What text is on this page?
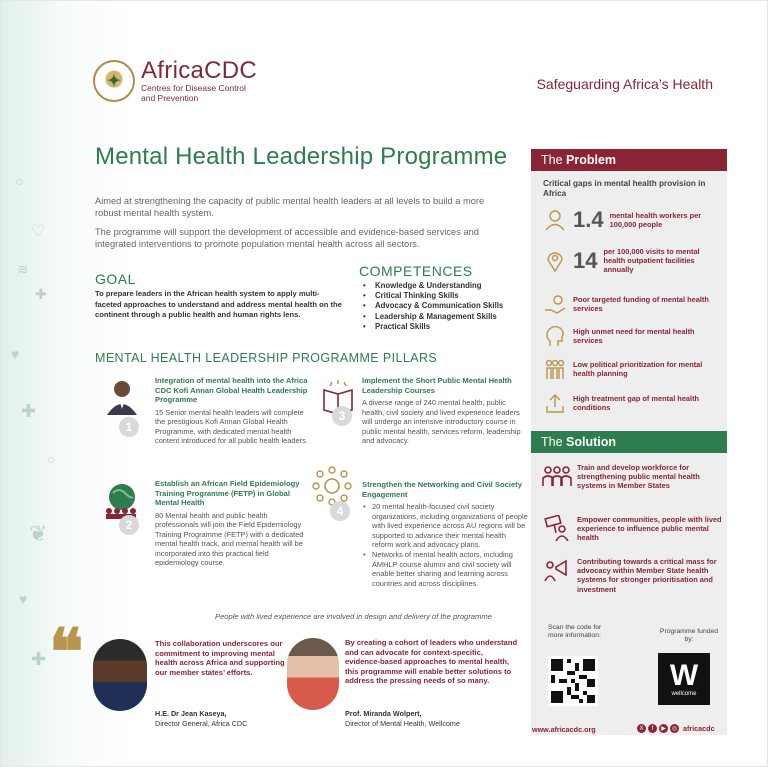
○
♡
≋
✚
♥
✚
○
❦
♥
✚
✦ AfricaCDC
Centres for Disease Control
and Prevention
Safeguarding Africa’s Health
Mental Health Leadership Programme

Aimed at strengthening the capacity of public mental health leaders at all levels to build a more robust mental health system.

The programme will support the development of accessible and evidence-based services and integrated interventions to promote population mental health across all sectors.

GOAL
To prepare leaders in the African health system to apply multi-faceted approaches to understand and address mental health on the continent through a public health and human rights lens.
COMPETENCES
• Knowledge & Understanding
• Critical Thinking Skills
• Advocacy & Communication Skills
• Leadership & Management Skills
• Practical Skills
MENTAL HEALTH LEADERSHIP PROGRAMME PILLARS
1
Integration of mental health into the Africa CDC Kofi Annan Global Health Leadership Programme
15 Senior mental health leaders will complete the prestigious Kofi Annan Global Health Programme, with dedicated mental health content introduced for all public health leaders.
3
Implement the Short Public Mental Health Leadership Courses
A diverse range of 240 mental health, public health, civil society and lived experience leaders will undergo an intensive introductory course in public mental health, services reform, leadership and advocacy.
2
Establish an African Field Epidemiology Training Programme (FETP) in Global Mental Health
80 Mental health and public health professionals will join the Field Epidemiology Training Programme (FETP) with a dedicated mental health track, and mental health will be incorporated into this practical field epidemiology course.
4
Strengthen the Networking and Civil Society Engagement
• 20 mental health-focused civil society organizations, including organizations of people with lived experience across AU regions will be supported to advance their mental health reform work and advocacy plans.
• Networks of mental health actors, including AMHLP course alumni and civil society will enable better sharing and learning across countries and across disciplines.
People with lived experience are involved in design and delivery of the programme
❝	This collaboration underscores our commitment to improving mental health across Africa and supporting our member states’ efforts.
H.E. Dr Jean Kaseya,
Director General, Africa CDC
By creating a cohort of leaders who understand and can advocate for context-specific, evidence-based approaches to mental health, this programme will enable better solutions to address the pressing needs of so many.
Prof. Miranda Wolpert,
Director of Mental Health, Wellcome
The Problem
Critical gaps in mental health provision in Africa
1.4 mental health workers per 100,000 people
14 per 100,000 visits to mental health outpatient facilities annually
Poor targeted funding of mental health services
High unmet need for mental health services
Low political prioritization for mental health planning
High treatment gap of mental health conditions
The Solution
Train and develop workforce for strengthening public mental health systems in Member States
Empower communities, people with lived experience to influence public mental health
Contributing towards a critical mass for advocacy within Member State health systems for stronger prioritisation and investment
Scan the code for more information:
Programme funded by:
W
wellcome
www.africacdc.org	X	f	▶	◎ africacdc
